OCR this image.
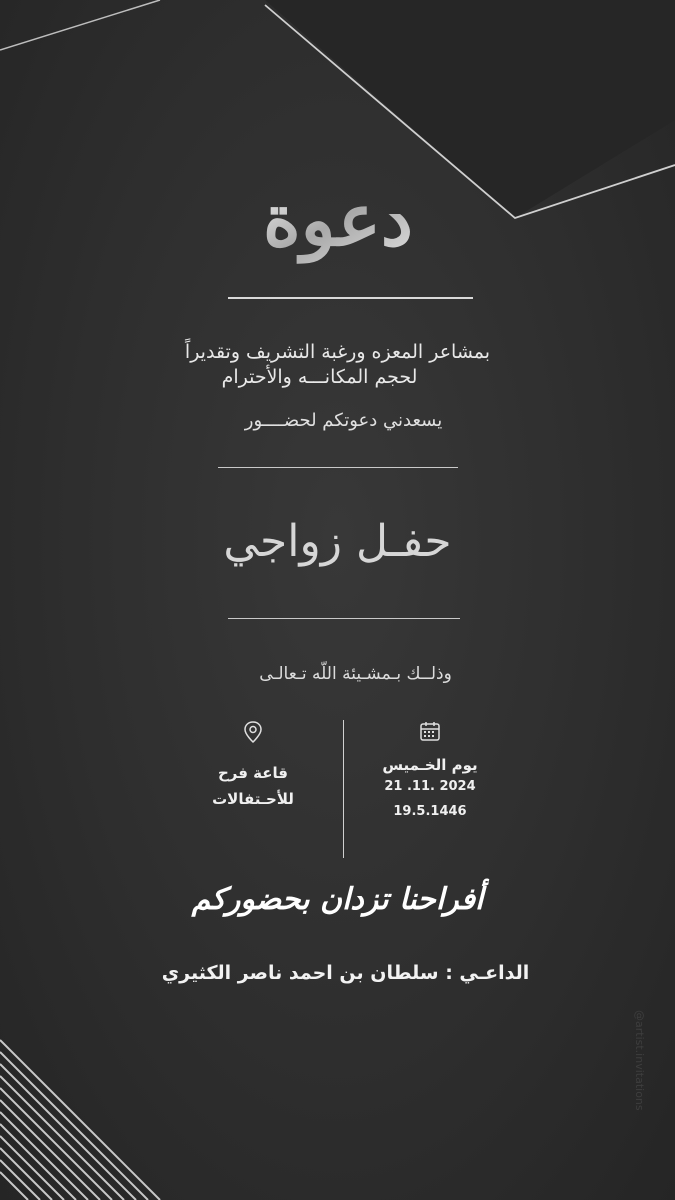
دعوة
بمشاعر المعزه ورغبة التشريف وتقديراً
لحجم المكانـــه والأحترام
يسعدني دعوتكم لحضــــور
حفـل زواجي
وذلــك بـمشـيئة اللّه تـعالـى
يوم الخـميس
21 .11. 2024
19.5.1446
قاعة فرح
للأحـتفالات
أفراحنا تزدان بحضوركم
الداعـي : سلطان بن احمد ناصر الكثيري
@artist.invitations
